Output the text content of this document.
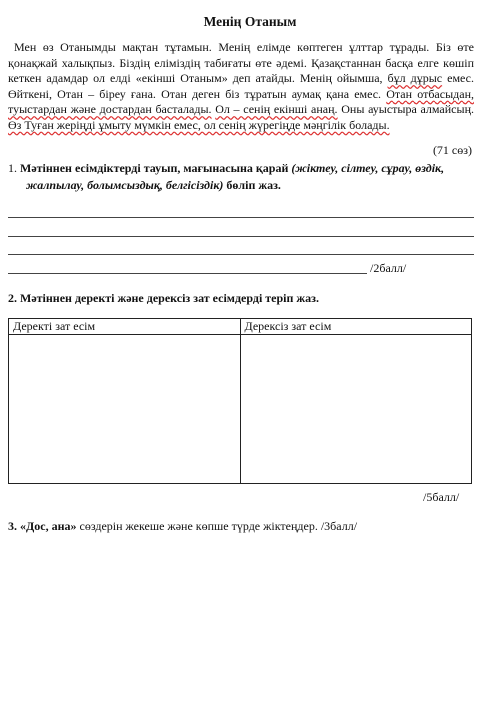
Менің Отаным

Мен өз Отанымды мақтан тұтамын. Менің елімде көптеген ұлттар тұрады. Біз өте қонақжай халықпыз. Біздің еліміздің табиғаты өте әдемі. Қазақстаннан басқа елге көшіп кеткен адамдар ол елді «екінші Отаным» деп атайды. Менің ойымша, бұл дұрыс емес. Өйткені, Отан – біреу ғана. Отан деген біз тұратын аумақ қана емес. Отан отбасыдан, туыстардан және достардан басталады. Ол – сенің екінші анаң. Оны ауыстыра алмайсың. Өз Туған жеріңді ұмыту мүмкін емес, ол сенің жүрегіңде мәңгілік болады.

(71 сөз)

1. Мәтіннен есімдіктерді тауып, мағынасына қарай (жіктеу, сілтеу, сұрау, өздік,
жалпылау, болымсыздық, белгісіздік) бөліп жаз.

/2балл/

2. Мәтіннен деректі және дерексіз зат есімдерді теріп жаз.

Деректі зат есім	Дерексіз зат есім

/5балл/

3. «Дос, ана» сөздерін жекеше және көпше түрде жіктеңдер. /3балл/
